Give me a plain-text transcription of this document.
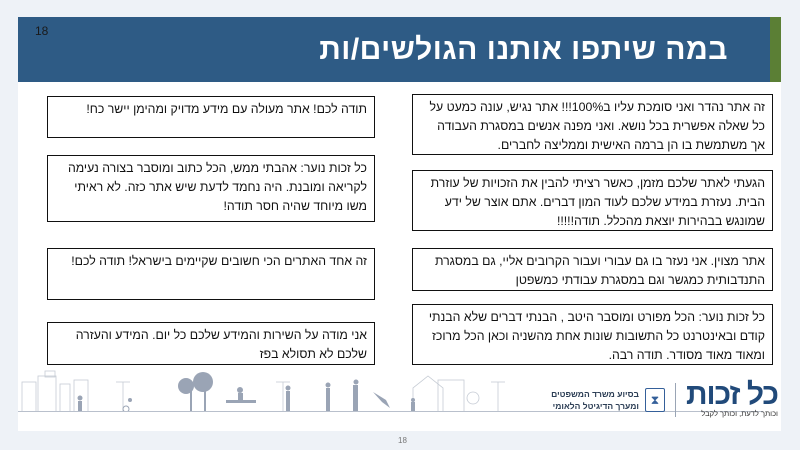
18
במה שיתפו אותנו הגולשים/ות
זה אתר נהדר ואני סומכת עליו ב100%!!! אתר נגיש, עונה כמעט על כל שאלה אפשרית בכל נושא. ואני מפנה אנשים במסגרת העבודה אך משתמשת בו הן ברמה האישית וממליצה לחברים.
הגעתי לאתר שלכם מזמן, כאשר רציתי להבין את הזכויות של עוזרת הבית. נעזרת במידע שלכם לעוד המון דברים. אתם אוצר של ידע שמונגש בבהירות יוצאת מהכלל. תודה!!!!!
אתר מצוין. אני נעזר בו גם עבורי ועבור הקרובים אליי, גם במסגרת התנדבותית כמגשר וגם במסגרת עבודתי כמשפטן
כל זכות נוער: הכל מפורט ומוסבר היטב , הבנתי דברים שלא הבנתי קודם ובאינטרנט כל התשובות שונות אחת מהשניה וכאן הכל מרוכז ומאוד מאוד מסודר. תודה רבה.
תודה לכם! אתר מעולה עם מידע מדויק ומהימן יישר כח!
כל זכות נוער: אהבתי ממש, הכל כתוב ומוסבר בצורה נעימה לקריאה ומובנת. היה נחמד לדעת שיש אתר כזה. לא ראיתי משו מיוחד שהיה חסר תודה!
זה אחד האתרים הכי חשובים שקיימים בישראל! תודה לכם!
אני מודה על השירות והמידע שלכם כל יום. המידע והעזרה שלכם לא תסולא בפז
בסיוע משרד המשפטים
ומערך הדיגיטל הלאומי ⧗ כל זכות
וכותך לדעת, וכותך לקבל
18
